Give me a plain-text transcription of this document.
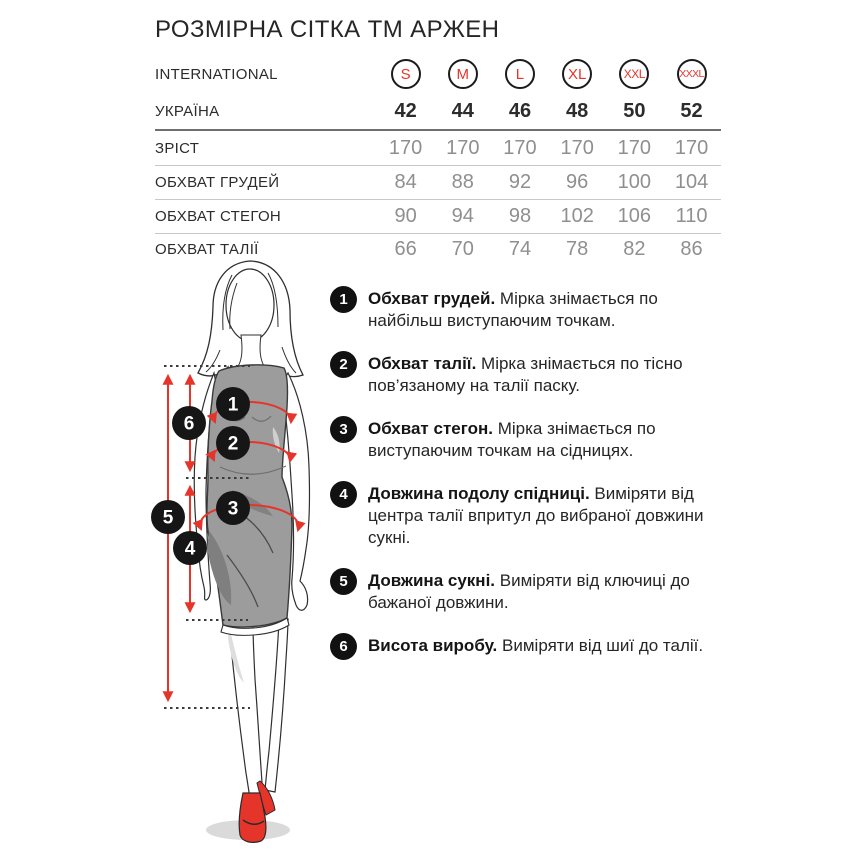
РОЗМІРНА СІТКА ТМ АРЖЕН
INTERNATIONAL	S	M	L	XL	XXL	XXXL
УКРАЇНА	42	44	46	48	50	52
ЗРІСТ	170	170	170	170	170	170
ОБХВАТ ГРУДЕЙ	84	88	92	96	100	104
ОБХВАТ СТЕГОН	90	94	98	102	106	110
ОБХВАТ ТАЛІЇ	66	70	74	78	82	86
1
2
3
6
5
4
1	Обхват грудей. Мірка знімається по найбільш виступаючим точкам.

2	Обхват талії. Мірка знімається по тісно пов’язаному на талії паску.

3	Обхват стегон. Мірка знімається по виступаючим точкам на сідницях.

4	Довжина подолу спідниці. Виміряти від центра талії впритул до вибраної довжини сукні.

5	Довжина сукні. Виміряти від ключиці до бажаної довжини.

6	Висота виробу. Виміряти від шиї до талії.
